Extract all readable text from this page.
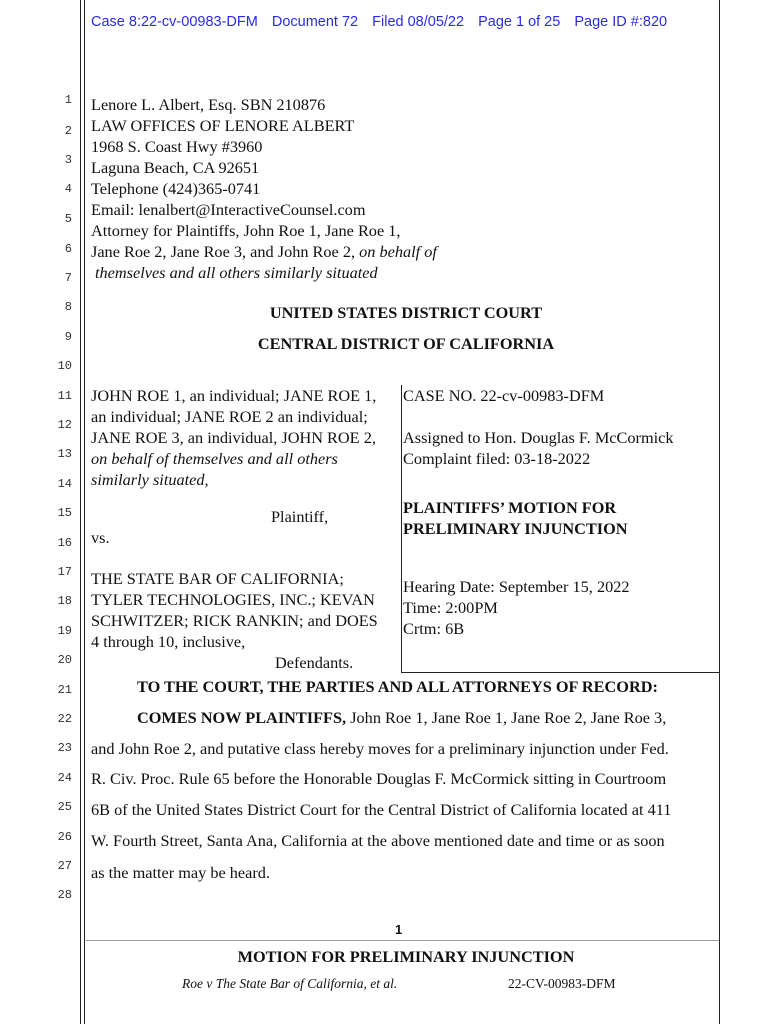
Case 8:22-cv-00983-DFM Document 72 Filed 08/05/22 Page 1 of 25 Page ID #:820
1
2
3
4
5
6
7
8
9
10
11
12
13
14
15
16
17
18
19
20
21
22
23
24
25
26
27
28
Lenore L. Albert, Esq. SBN 210876
LAW OFFICES OF LENORE ALBERT
1968 S. Coast Hwy #3960
Laguna Beach, CA 92651
Telephone (424)365-0741
Email: lenalbert@InteractiveCounsel.com
Attorney for Plaintiffs, John Roe 1, Jane Roe 1,
Jane Roe 2, Jane Roe 3, and John Roe 2, on behalf of
themselves and all others similarly situated
UNITED STATES DISTRICT COURT
CENTRAL DISTRICT OF CALIFORNIA
JOHN ROE 1, an individual; JANE ROE 1,
an individual; JANE ROE 2 an individual;
JANE ROE 3, an individual, JOHN ROE 2,
on behalf of themselves and all others
similarly situated,
Plaintiff,
vs.
THE STATE BAR OF CALIFORNIA;
TYLER TECHNOLOGIES, INC.; KEVAN
SCHWITZER; RICK RANKIN; and DOES
4 through 10, inclusive,
Defendants.
CASE NO. 22-cv-00983-DFM
Assigned to Hon. Douglas F. McCormick
Complaint filed: 03-18-2022
PLAINTIFFS’ MOTION FOR
PRELIMINARY INJUNCTION
Hearing Date: September 15, 2022
Time: 2:00PM
Crtm: 6B
TO THE COURT, THE PARTIES AND ALL ATTORNEYS OF RECORD:
COMES NOW PLAINTIFFS, John Roe 1, Jane Roe 1, Jane Roe 2, Jane Roe 3,
and John Roe 2, and putative class hereby moves for a preliminary injunction under Fed.
R. Civ. Proc. Rule 65 before the Honorable Douglas F. McCormick sitting in Courtroom
6B of the United States District Court for the Central District of California located at 411
W. Fourth Street, Santa Ana, California at the above mentioned date and time or as soon
as the matter may be heard.
1
MOTION FOR PRELIMINARY INJUNCTION
Roe v The State Bar of California, et al.	22-CV-00983-DFM
